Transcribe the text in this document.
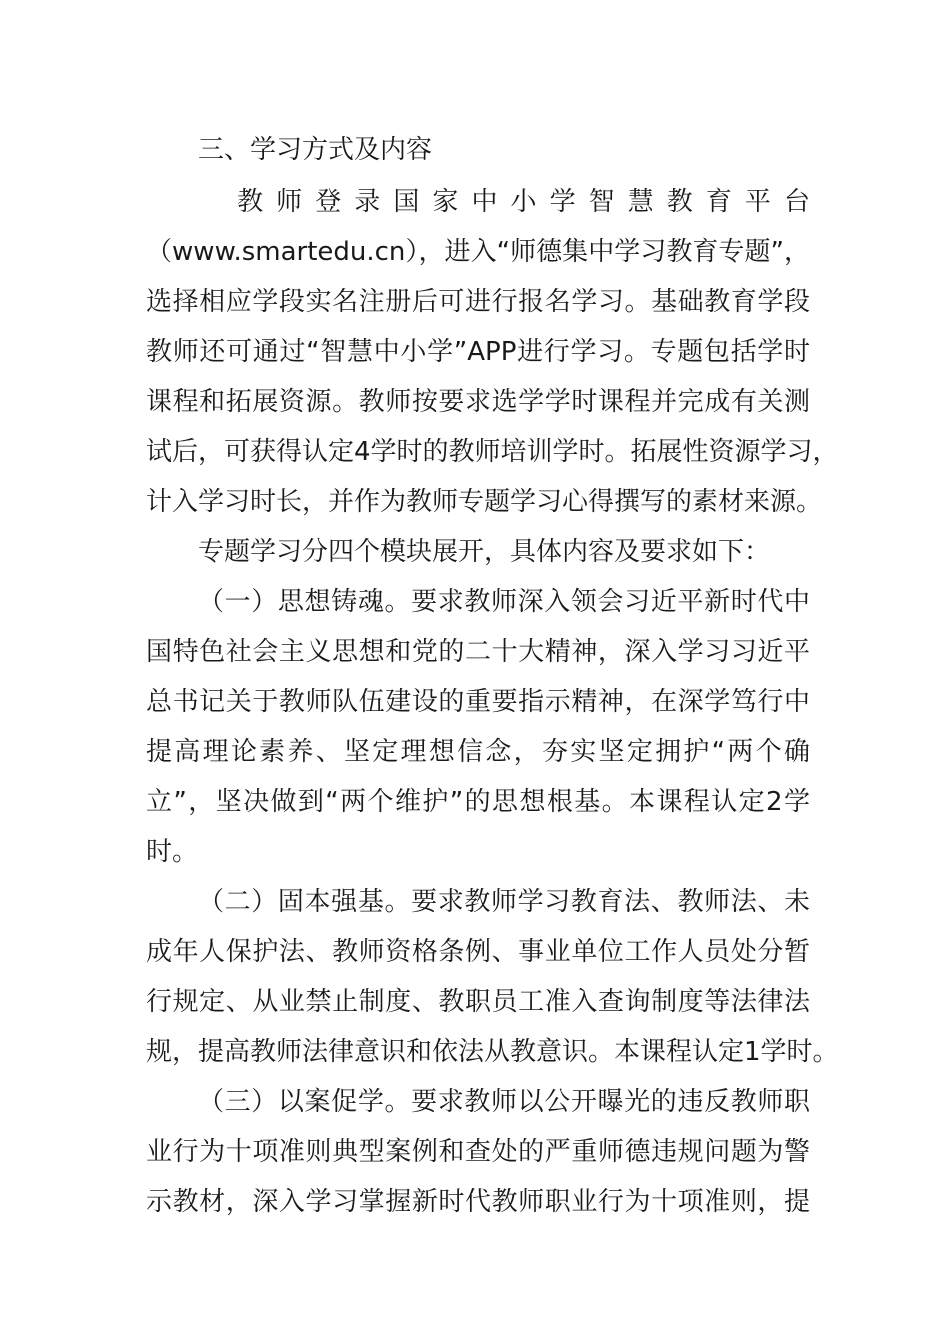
三、学习方式及内容
　教师登录国家中小学智慧教育平台
（www.smartedu.cn），进入“师德集中学习教育专题”，
选择相应学段实名注册后可进行报名学习。基础教育学段
教师还可通过“智慧中小学”APP进行学习。专题包括学时
课程和拓展资源。教师按要求选学学时课程并完成有关测
试后，可获得认定4学时的教师培训学时。拓展性资源学习，
计入学习时长，并作为教师专题学习心得撰写的素材来源。
专题学习分四个模块展开，具体内容及要求如下：
（一）思想铸魂。要求教师深入领会习近平新时代中
国特色社会主义思想和党的二十大精神，深入学习习近平
总书记关于教师队伍建设的重要指示精神，在深学笃行中
提高理论素养、坚定理想信念，夯实坚定拥护“两个确
立”，坚决做到“两个维护”的思想根基。本课程认定2学
时。
（二）固本强基。要求教师学习教育法、教师法、未
成年人保护法、教师资格条例、事业单位工作人员处分暂
行规定、从业禁止制度、教职员工准入查询制度等法律法
规，提高教师法律意识和依法从教意识。本课程认定1学时。
（三）以案促学。要求教师以公开曝光的违反教师职
业行为十项准则典型案例和查处的严重师德违规问题为警
示教材，深入学习掌握新时代教师职业行为十项准则，提
